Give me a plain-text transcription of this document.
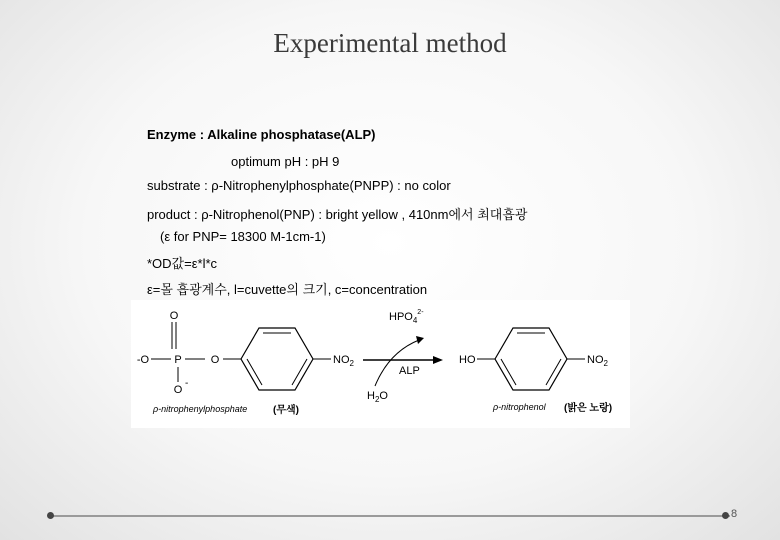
Experimental method
Enzyme : Alkaline phosphatase(ALP)
optimum pH : pH 9
substrate : ρ-Nitrophenylphosphate(PNPP) : no color
product : ρ-Nitrophenol(PNP) : bright yellow , 410nm에서 최대흡광
(ε for PNP= 18300 M-1cm-1)
*OD값=ε*l*c
ε=몰 흡광계수, l=cuvette의 크기, c=concentration
O
P
-O	O
O
-
$NO_2$
$HPO_4^{2-}$
ALP
$H_2O$
HO	$NO_2$
ρ-nitrophenylphosphate	(무색)	ρ-nitrophenol (밝은 노랑)
8
